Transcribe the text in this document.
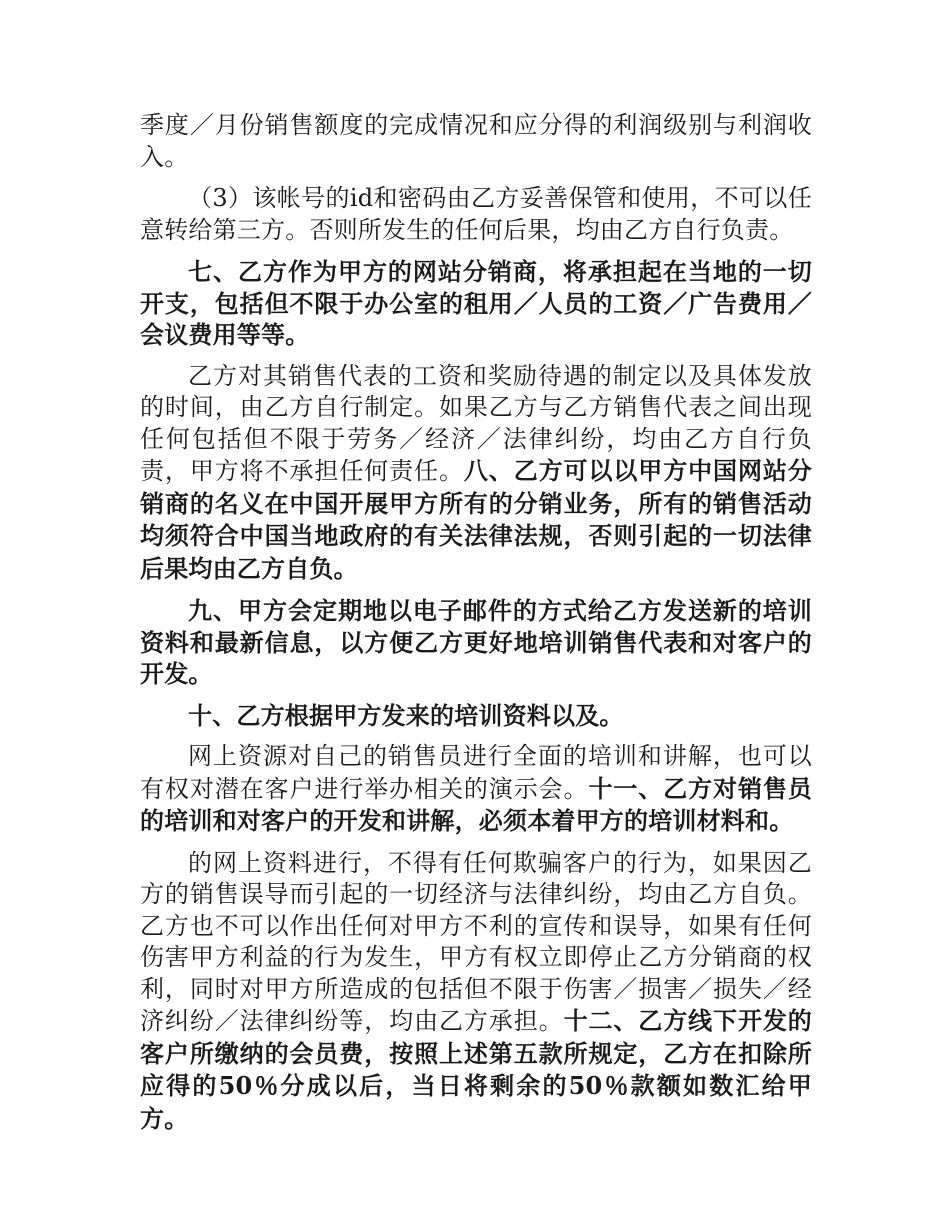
季度／月份销售额度的完成情况和应分得的利润级别与利润收入。

（3）该帐号的id和密码由乙方妥善保管和使用，不可以任意转给第三方。否则所发生的任何后果，均由乙方自行负责。

七、乙方作为甲方的网站分销商，将承担起在当地的一切开支，包括但不限于办公室的租用／人员的工资／广告费用／会议费用等等。

乙方对其销售代表的工资和奖励待遇的制定以及具体发放的时间，由乙方自行制定。如果乙方与乙方销售代表之间出现任何包括但不限于劳务／经济／法律纠纷，均由乙方自行负责，甲方将不承担任何责任。八、乙方可以以甲方中国网站分销商的名义在中国开展甲方所有的分销业务，所有的销售活动均须符合中国当地政府的有关法律法规，否则引起的一切法律后果均由乙方自负。

九、甲方会定期地以电子邮件的方式给乙方发送新的培训资料和最新信息，以方便乙方更好地培训销售代表和对客户的开发。

十、乙方根据甲方发来的培训资料以及。

网上资源对自己的销售员进行全面的培训和讲解，也可以有权对潜在客户进行举办相关的演示会。十一、乙方对销售员的培训和对客户的开发和讲解，必须本着甲方的培训材料和。

的网上资料进行，不得有任何欺骗客户的行为，如果因乙方的销售误导而引起的一切经济与法律纠纷，均由乙方自负。乙方也不可以作出任何对甲方不利的宣传和误导，如果有任何伤害甲方利益的行为发生，甲方有权立即停止乙方分销商的权利，同时对甲方所造成的包括但不限于伤害／损害／损失／经济纠纷／法律纠纷等，均由乙方承担。十二、乙方线下开发的客户所缴纳的会员费，按照上述第五款所规定，乙方在扣除所应得的50％分成以后，当日将剩余的50％款额如数汇给甲方。
